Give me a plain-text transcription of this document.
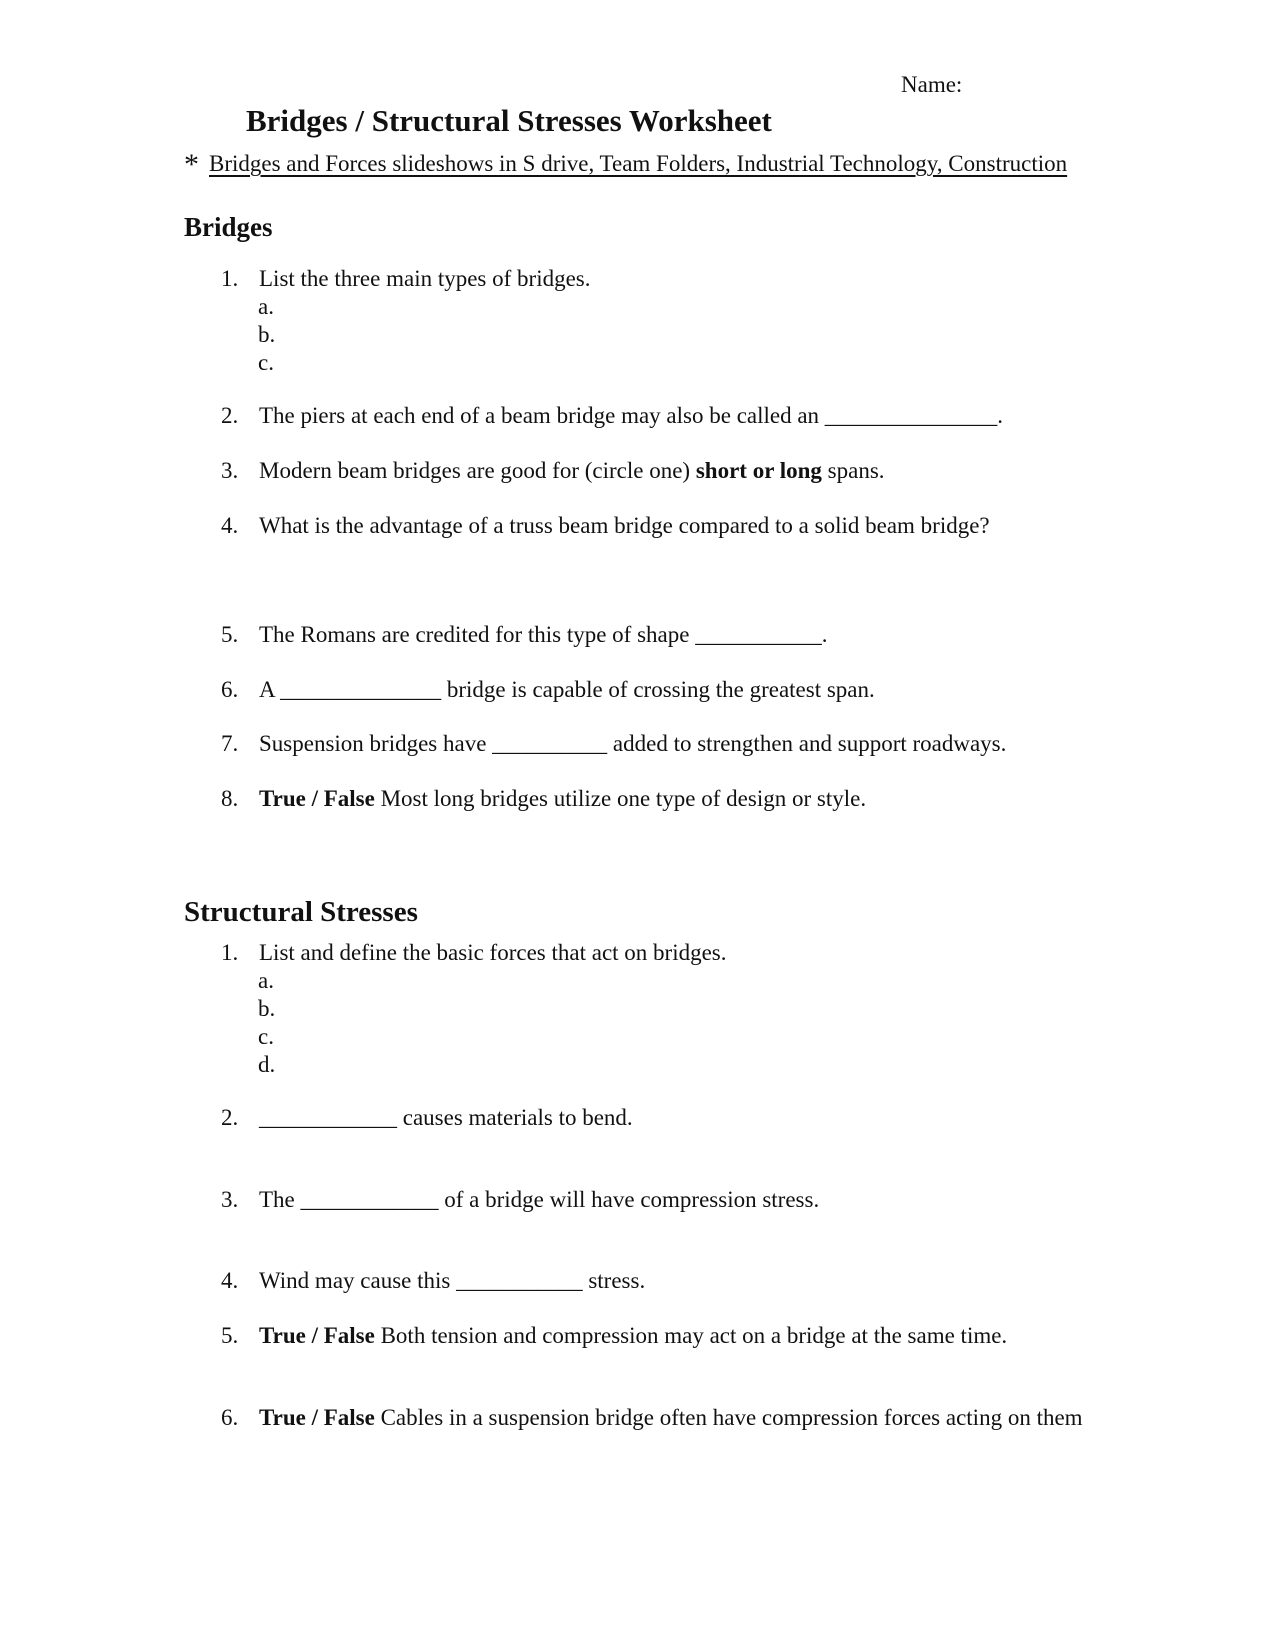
Name:
Bridges / Structural Stresses Worksheet
* Bridges and Forces slideshows in S drive, Team Folders, Industrial Technology, Construction
Bridges
1. List the three main types of bridges.
a.
b.
c.
2. The piers at each end of a beam bridge may also be called an _______________.
3. Modern beam bridges are good for (circle one) short or long spans.
4. What is the advantage of a truss beam bridge compared to a solid beam bridge?
5. The Romans are credited for this type of shape ___________.
6. A ______________ bridge is capable of crossing the greatest span.
7. Suspension bridges have __________ added to strengthen and support roadways.
8. True / False Most long bridges utilize one type of design or style.
Structural Stresses
1. List and define the basic forces that act on bridges.
a.
b.
c.
d.
2. ____________ causes materials to bend.
3. The ____________ of a bridge will have compression stress.
4. Wind may cause this ___________ stress.
5. True / False Both tension and compression may act on a bridge at the same time.
6. True / False Cables in a suspension bridge often have compression forces acting on them
